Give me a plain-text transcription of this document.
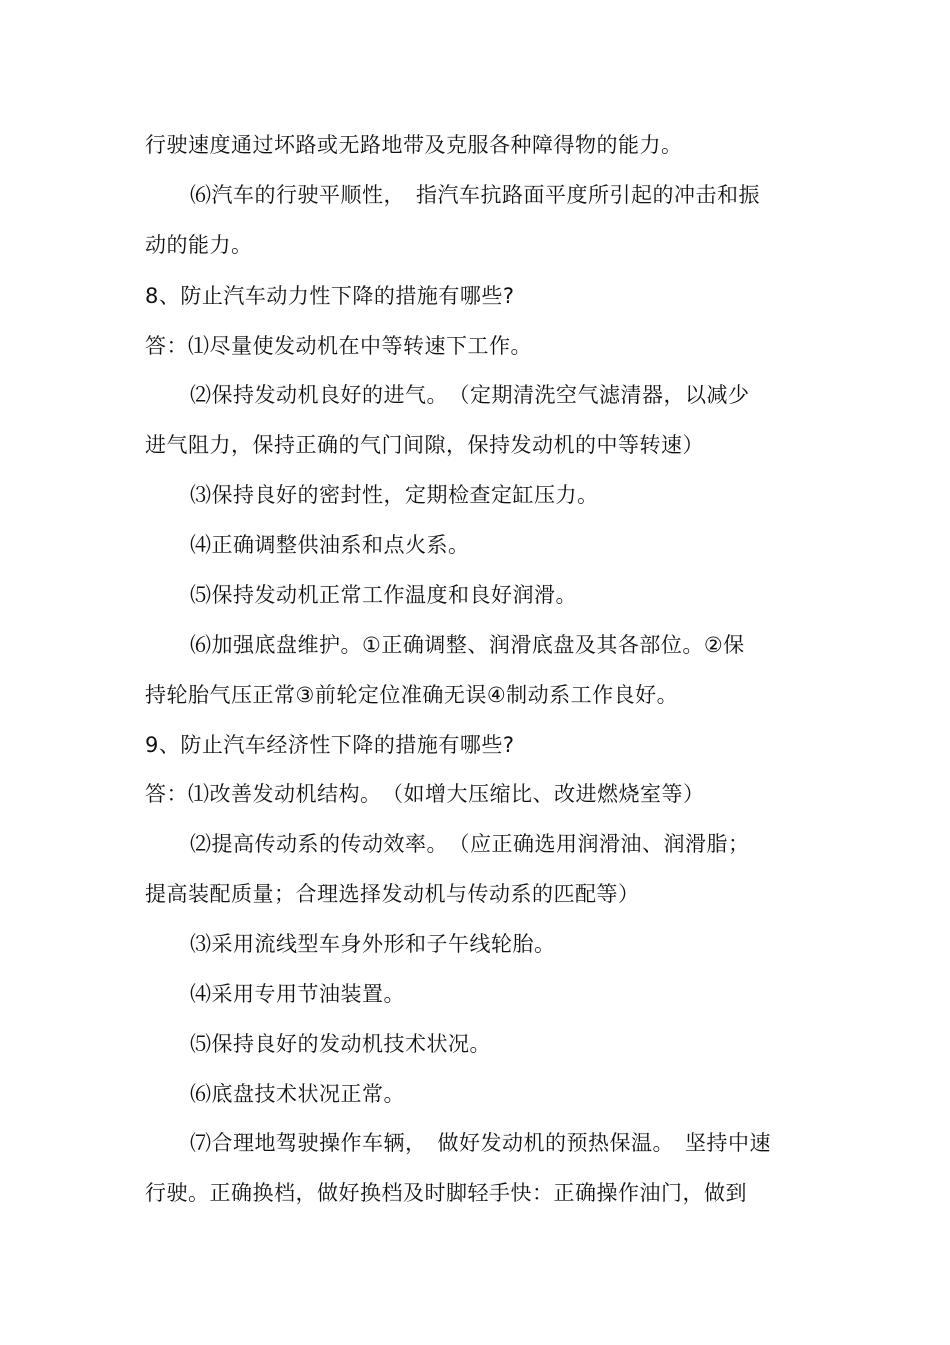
行驶速度通过坏路或无路地带及克服各种障得物的能力。
⑹汽车的行驶平顺性，　指汽车抗路面平度所引起的冲击和振
动的能力。
8、防止汽车动力性下降的措施有哪些?
答：⑴尽量使发动机在中等转速下工作。
⑵保持发动机良好的进气。　（定期清洗空气滤清器，以减少
进气阻力，保持正确的气门间隙，保持发动机的中等转速）
⑶保持良好的密封性，定期检查定缸压力。
⑷正确调整供油系和点火系。
⑸保持发动机正常工作温度和良好润滑。
⑹加强底盘维护。①正确调整、润滑底盘及其各部位。②保
持轮胎气压正常③前轮定位准确无误④制动系工作良好。
9、防止汽车经济性下降的措施有哪些?
答：⑴改善发动机结构。　（如增大压缩比、改进燃烧室等）
⑵提高传动系的传动效率。　（应正确选用润滑油、润滑脂；
提高装配质量；合理选择发动机与传动系的匹配等）
⑶采用流线型车身外形和子午线轮胎。
⑷采用专用节油装置。
⑸保持良好的发动机技术状况。
⑹底盘技术状况正常。
⑺合理地驾驶操作车辆，　做好发动机的预热保温。　坚持中速
行驶。正确换档，做好换档及时脚轻手快：正确操作油门，做到
